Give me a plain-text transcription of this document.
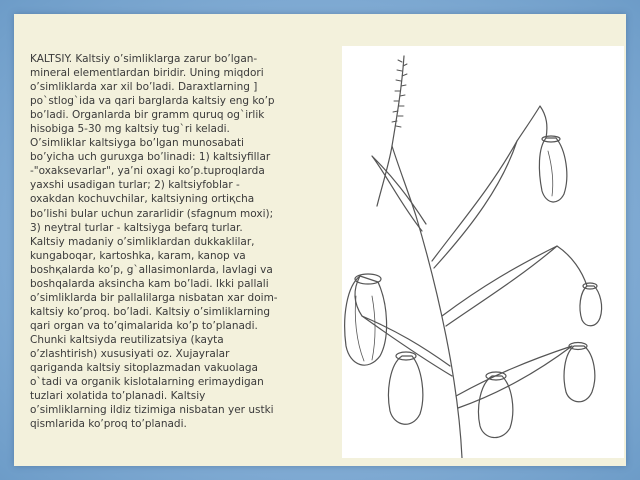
KALTSIY. Kaltsiy o’simliklarga zarur bo’lgan-
mineral elementlardan biridir. Uning miqdori
o’simliklarda xar xil bo’ladi. Daraxtlarning ]
po`stlog`ida va qari barglarda kaltsiy eng ko’p
bo’ladi. Organlarda bir gramm quruq og`irlik
hisobiga 5-30 mg kaltsiy tug`ri keladi.
O’simliklar kaltsiyga bo’lgan munosabati
bo’yicha uch guruxga bo’linadi: 1) kaltsiyfillar
-"oxaksevarlar", ya’ni oxagi ko’p.tuproqlarda
yaxshi usadigan turlar; 2) kaltsiyfoblar -
oxakdan kochuvchilar, kaltsiyning ortiқcha
bo’lishi bular uchun zararlidir (sfagnum moxi);
3) neytral turlar - kaltsiyga befarq turlar.
Kaltsiy madaniy o’simliklardan dukkaklilar,
kungaboqar, kartoshka, karam, kanop va
boshқalarda ko’p, g`allasimonlarda, lavlagi va
boshqalarda aksincha kam bo’ladi. Ikki pallali
o’simliklarda bir pallalilarga nisbatan xar doim-
kaltsiy ko’proq. bo’ladi. Kaltsiy o’simliklarning
qari organ va to’qimalarida ko’p to’planadi.
Chunki kaltsiyda reutilizatsiya (kayta
o’zlashtirish) xususiyati oz. Xujayralar
qariganda kaltsiy sitoplazmadan vakuolaga
o`tadi va organik kislotalarning erimaydigan
tuzlari xolatida to’planadi. Kaltsiy
o’simliklarning ildiz tizimiga nisbatan yer ustki
qismlarida ko’proq to’planadi.
